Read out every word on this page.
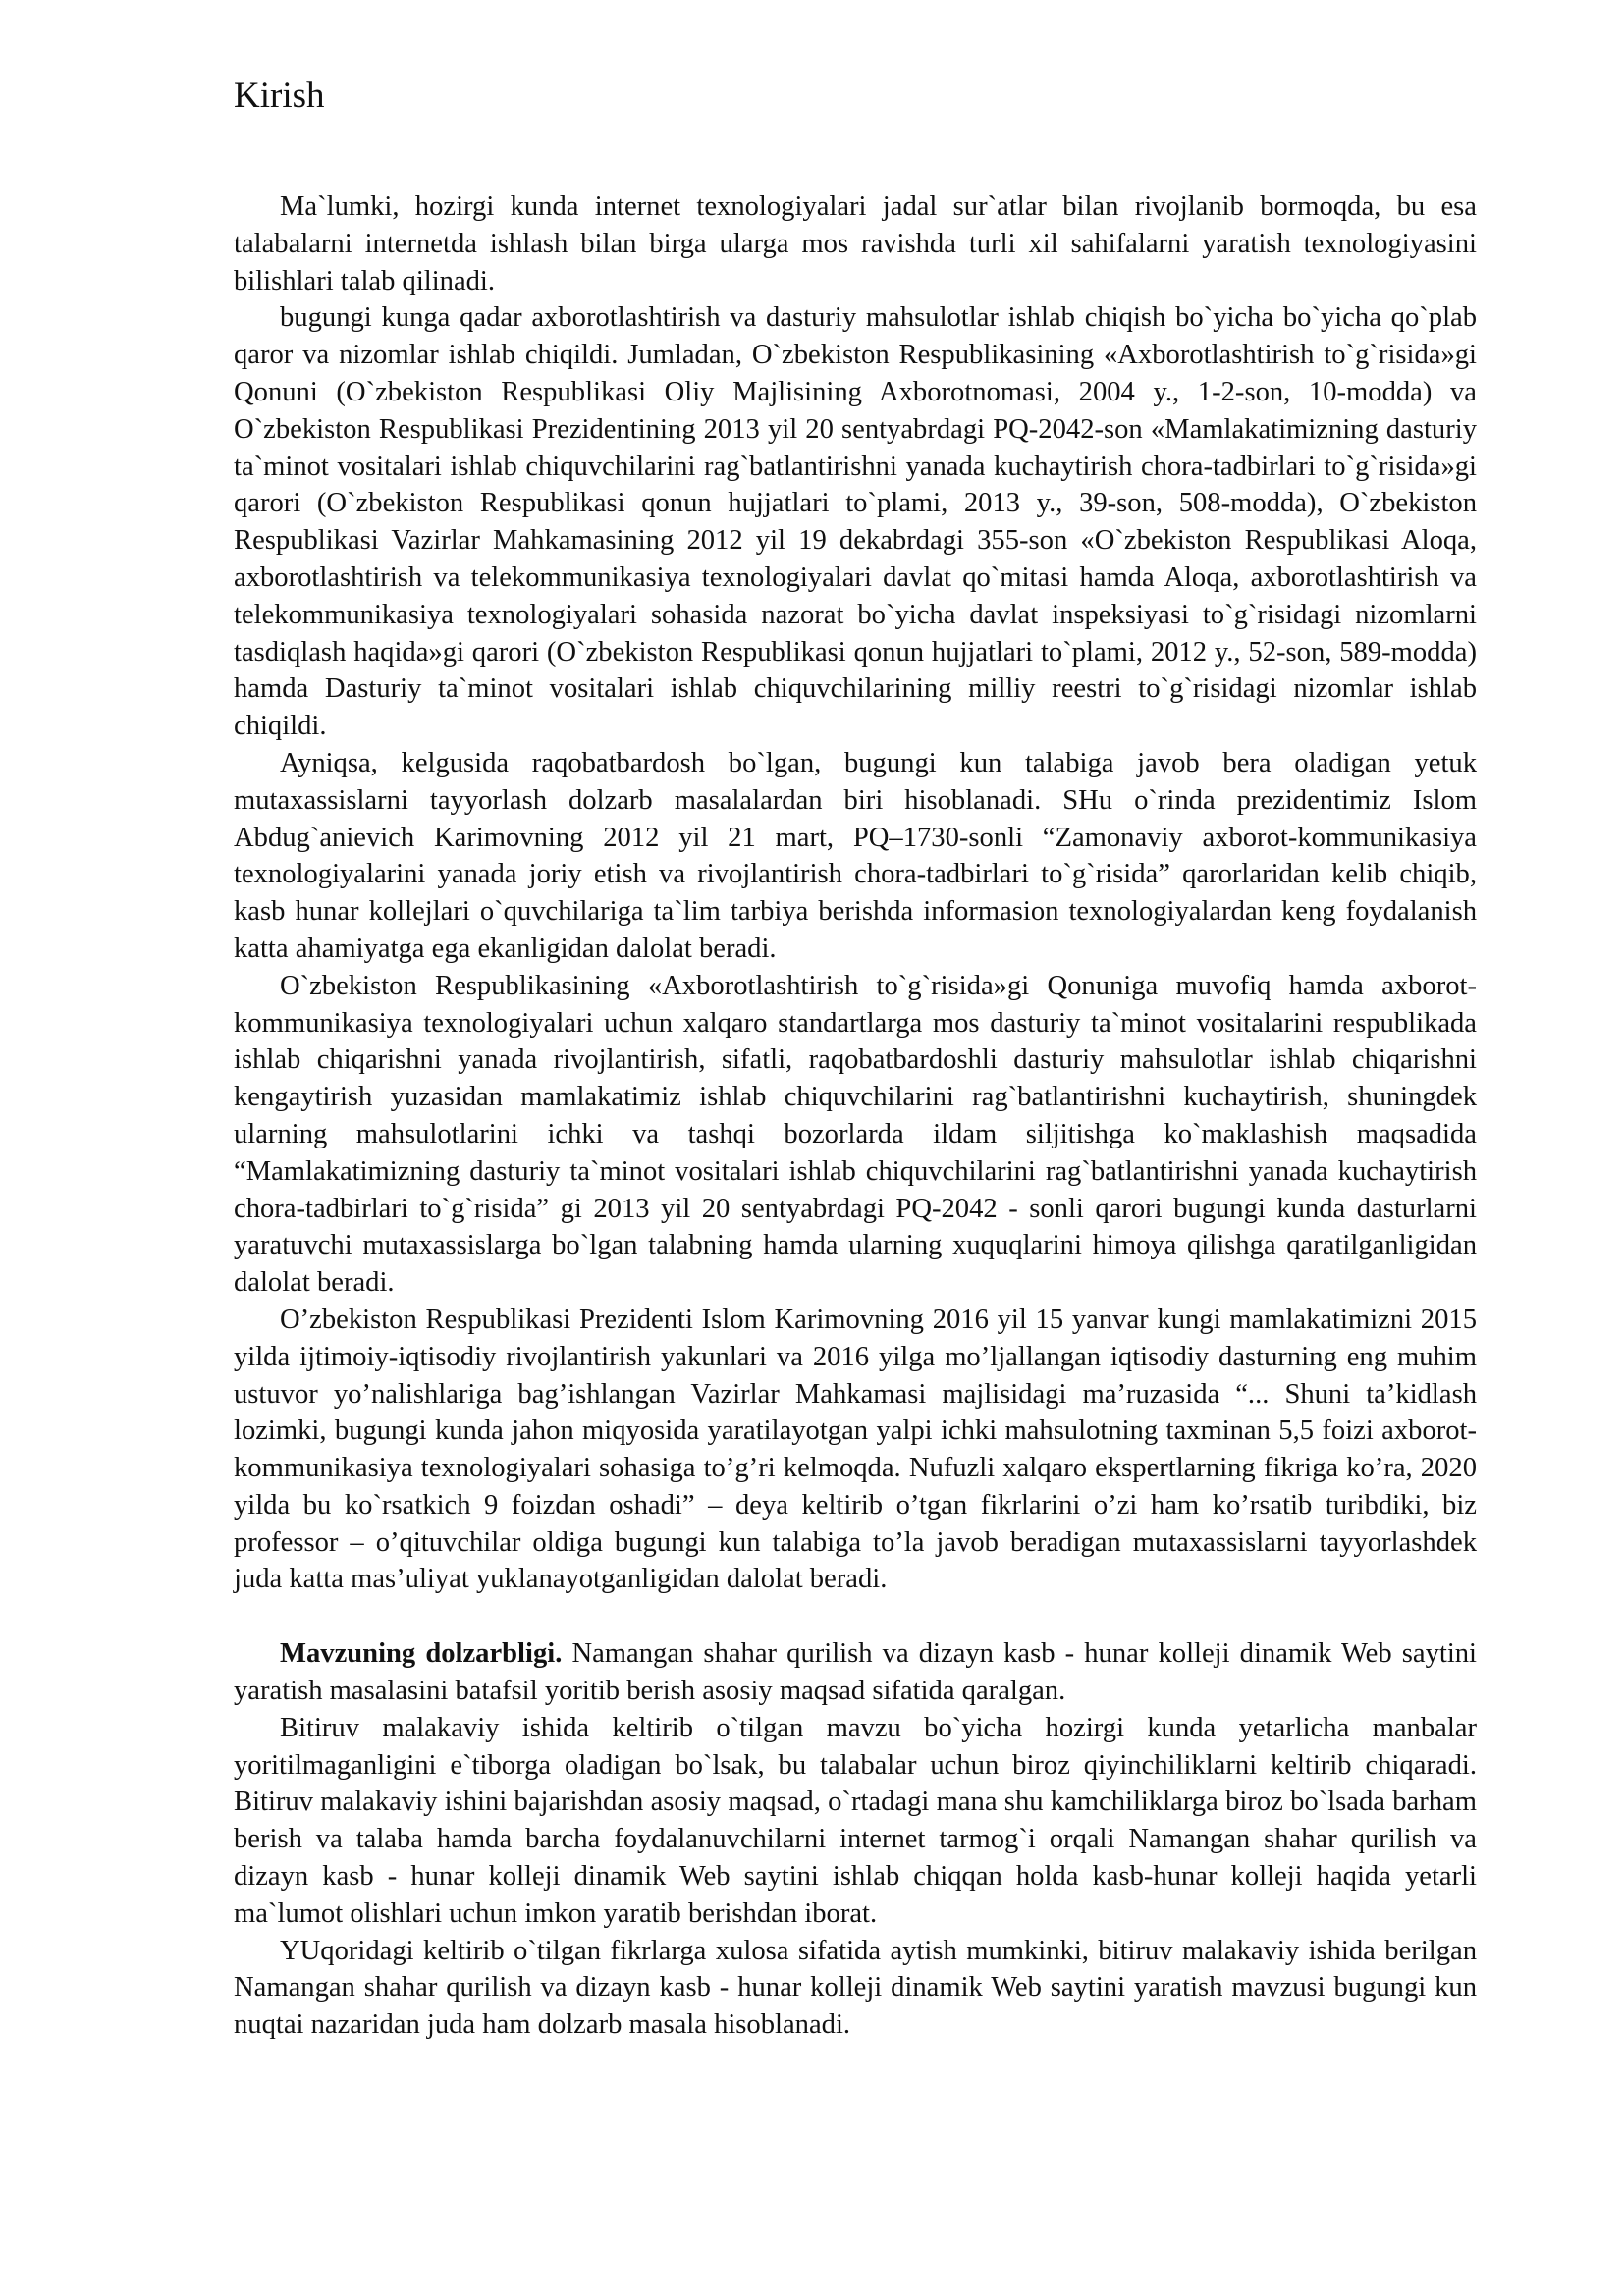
Kirish

Ma`lumki, hozirgi kunda internet texnologiyalari jadal sur`atlar bilan rivojlanib bormoqda, bu esa talabalarni internetda ishlash bilan birga ularga mos ravishda turli xil sahifalarni yaratish texnologiyasini bilishlari talab qilinadi.

bugungi kunga qadar axborotlashtirish va dasturiy mahsulotlar ishlab chiqish bo`yicha bo`yicha qo`plab qaror va nizomlar ishlab chiqildi. Jumladan, O`zbekiston Respublikasining «Axborotlashtirish to`g`risida»gi Qonuni (O`zbekiston Respublikasi Oliy Majlisining Axborotnomasi, 2004 y., 1-2-son, 10-modda) va O`zbekiston Respublikasi Prezidentining 2013 yil 20 sentyabrdagi PQ-2042-son «Mamlakatimizning dasturiy ta`minot vositalari ishlab chiquvchilarini rag`batlantirishni yanada kuchaytirish chora-tadbirlari to`g`risida»gi qarori (O`zbekiston Respublikasi qonun hujjatlari to`plami, 2013 y., 39-son, 508-modda), O`zbekiston Respublikasi Vazirlar Mahkamasining 2012 yil 19 dekabrdagi 355-son «O`zbekiston Respublikasi Aloqa, axborotlashtirish va telekommunikasiya texnologiyalari davlat qo`mitasi hamda Aloqa, axborotlashtirish va telekommunikasiya texnologiyalari sohasida nazorat bo`yicha davlat inspeksiyasi to`g`risidagi nizomlarni tasdiqlash haqida»gi qarori (O`zbekiston Respublikasi qonun hujjatlari to`plami, 2012 y., 52-son, 589-modda) hamda Dasturiy ta`minot vositalari ishlab chiquvchilarining milliy reestri to`g`risidagi nizomlar ishlab chiqildi.

Ayniqsa, kelgusida raqobatbardosh bo`lgan, bugungi kun talabiga javob bera oladigan yetuk mutaxassislarni tayyorlash dolzarb masalalardan biri hisoblanadi. SHu o`rinda prezidentimiz Islom Abdug`anievich Karimovning 2012 yil 21 mart, PQ–1730-sonli “Zamonaviy axborot-kommunikasiya texnologiyalarini yanada joriy etish va rivojlantirish chora-tadbirlari to`g`risida” qarorlaridan kelib chiqib, kasb hunar kollejlari o`quvchilariga ta`lim tarbiya berishda informasion texnologiyalardan keng foydalanish katta ahamiyatga ega ekanligidan dalolat beradi.

O`zbekiston Respublikasining «Axborotlashtirish to`g`risida»gi Qonuniga muvofiq hamda axborot-kommunikasiya texnologiyalari uchun xalqaro standartlarga mos dasturiy ta`minot vositalarini respublikada ishlab chiqarishni yanada rivojlantirish, sifatli, raqobatbardoshli dasturiy mahsulotlar ishlab chiqarishni kengaytirish yuzasidan mamlakatimiz ishlab chiquvchilarini rag`batlantirishni kuchaytirish, shuningdek ularning mahsulotlarini ichki va tashqi bozorlarda ildam siljitishga ko`maklashish maqsadida “Mamlakatimizning dasturiy ta`minot vositalari ishlab chiquvchilarini rag`batlantirishni yanada kuchaytirish chora-tadbirlari to`g`risida” gi 2013 yil 20 sentyabrdagi PQ-2042 - sonli qarori bugungi kunda dasturlarni yaratuvchi mutaxassislarga bo`lgan talabning hamda ularning xuquqlarini himoya qilishga qaratilganligidan dalolat beradi.

O’zbekiston Respublikasi Prezidenti Islom Karimovning 2016 yil 15 yanvar kungi mamlakatimizni 2015 yilda ijtimoiy-iqtisodiy rivojlantirish yakunlari va 2016 yilga mo’ljallangan iqtisodiy dasturning eng muhim ustuvor yo’nalishlariga bag’ishlangan Vazirlar Mahkamasi majlisidagi ma’ruzasida “... Shuni ta’kidlash lozimki, bugungi kunda jahon miqyosida yaratilayotgan yalpi ichki mahsulotning taxminan 5,5 foizi axborot-kommunikasiya texnologiyalari sohasiga to’g’ri kelmoqda. Nufuzli xalqaro ekspertlarning fikriga ko’ra, 2020 yilda bu ko`rsatkich 9 foizdan oshadi” – deya keltirib o’tgan fikrlarini o’zi ham ko’rsatib turibdiki, biz professor – o’qituvchilar oldiga bugungi kun talabiga to’la javob beradigan mutaxassislarni tayyorlashdek juda katta mas’uliyat yuklanayotganligidan dalolat beradi.

Mavzuning dolzarbligi. Namangan shahar qurilish va dizayn kasb - hunar kolleji dinamik Web saytini yaratish masalasini batafsil yoritib berish asosiy maqsad sifatida qaralgan.

Bitiruv malakaviy ishida keltirib o`tilgan mavzu bo`yicha hozirgi kunda yetarlicha manbalar yoritilmaganligini e`tiborga oladigan bo`lsak, bu talabalar uchun biroz qiyinchiliklarni keltirib chiqaradi. Bitiruv malakaviy ishini bajarishdan asosiy maqsad, o`rtadagi mana shu kamchiliklarga biroz bo`lsada barham berish va talaba hamda barcha foydalanuvchilarni internet tarmog`i orqali Namangan shahar qurilish va dizayn kasb - hunar kolleji dinamik Web saytini ishlab chiqqan holda kasb-hunar kolleji haqida yetarli ma`lumot olishlari uchun imkon yaratib berishdan iborat.

YUqoridagi keltirib o`tilgan fikrlarga xulosa sifatida aytish mumkinki, bitiruv malakaviy ishida berilgan Namangan shahar qurilish va dizayn kasb - hunar kolleji dinamik Web saytini yaratish mavzusi bugungi kun nuqtai nazaridan juda ham dolzarb masala hisoblanadi.
